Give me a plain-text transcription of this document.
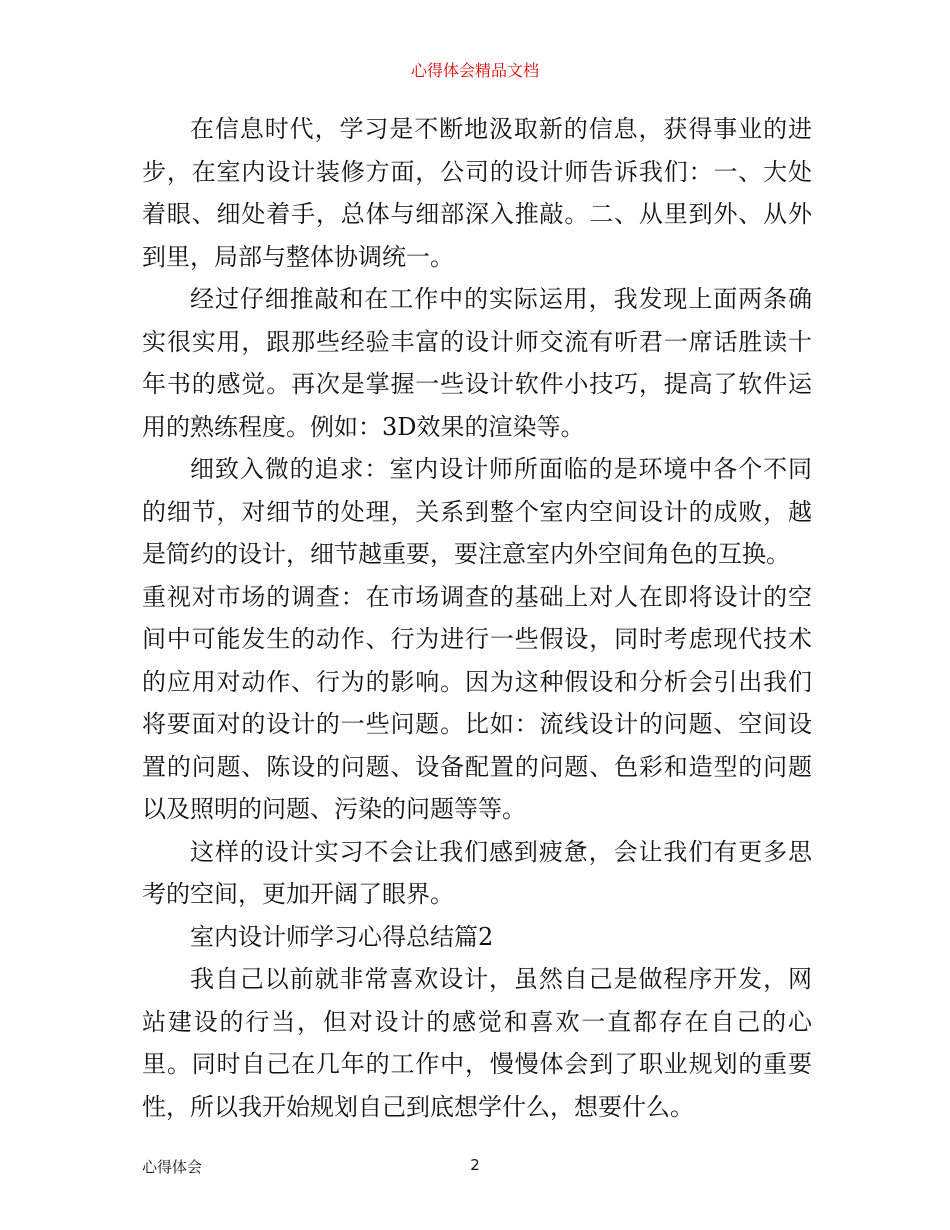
心得体会精品文档

在信息时代，学习是不断地汲取新的信息，获得事业的进步，在室内设计装修方面，公司的设计师告诉我们：一、大处着眼、细处着手，总体与细部深入推敲。二、从里到外、从外到里，局部与整体协调统一。

经过仔细推敲和在工作中的实际运用，我发现上面两条确实很实用，跟那些经验丰富的设计师交流有听君一席话胜读十年书的感觉。再次是掌握一些设计软件小技巧，提高了软件运用的熟练程度。例如：3D效果的渲染等。

细致入微的追求：室内设计师所面临的是环境中各个不同的细节，对细节的处理，关系到整个室内空间设计的成败，越是简约的设计，细节越重要，要注意室内外空间角色的互换。

重视对市场的调查：在市场调查的基础上对人在即将设计的空间中可能发生的动作、行为进行一些假设，同时考虑现代技术的应用对动作、行为的影响。因为这种假设和分析会引出我们将要面对的设计的一些问题。比如：流线设计的问题、空间设置的问题、陈设的问题、设备配置的问题、色彩和造型的问题以及照明的问题、污染的问题等等。

这样的设计实习不会让我们感到疲惫，会让我们有更多思考的空间，更加开阔了眼界。

室内设计师学习心得总结篇2

我自己以前就非常喜欢设计，虽然自己是做程序开发，网站建设的行当，但对设计的感觉和喜欢一直都存在自己的心里。同时自己在几年的工作中，慢慢体会到了职业规划的重要性，所以我开始规划自己到底想学什么，想要什么。

心得体会	2
